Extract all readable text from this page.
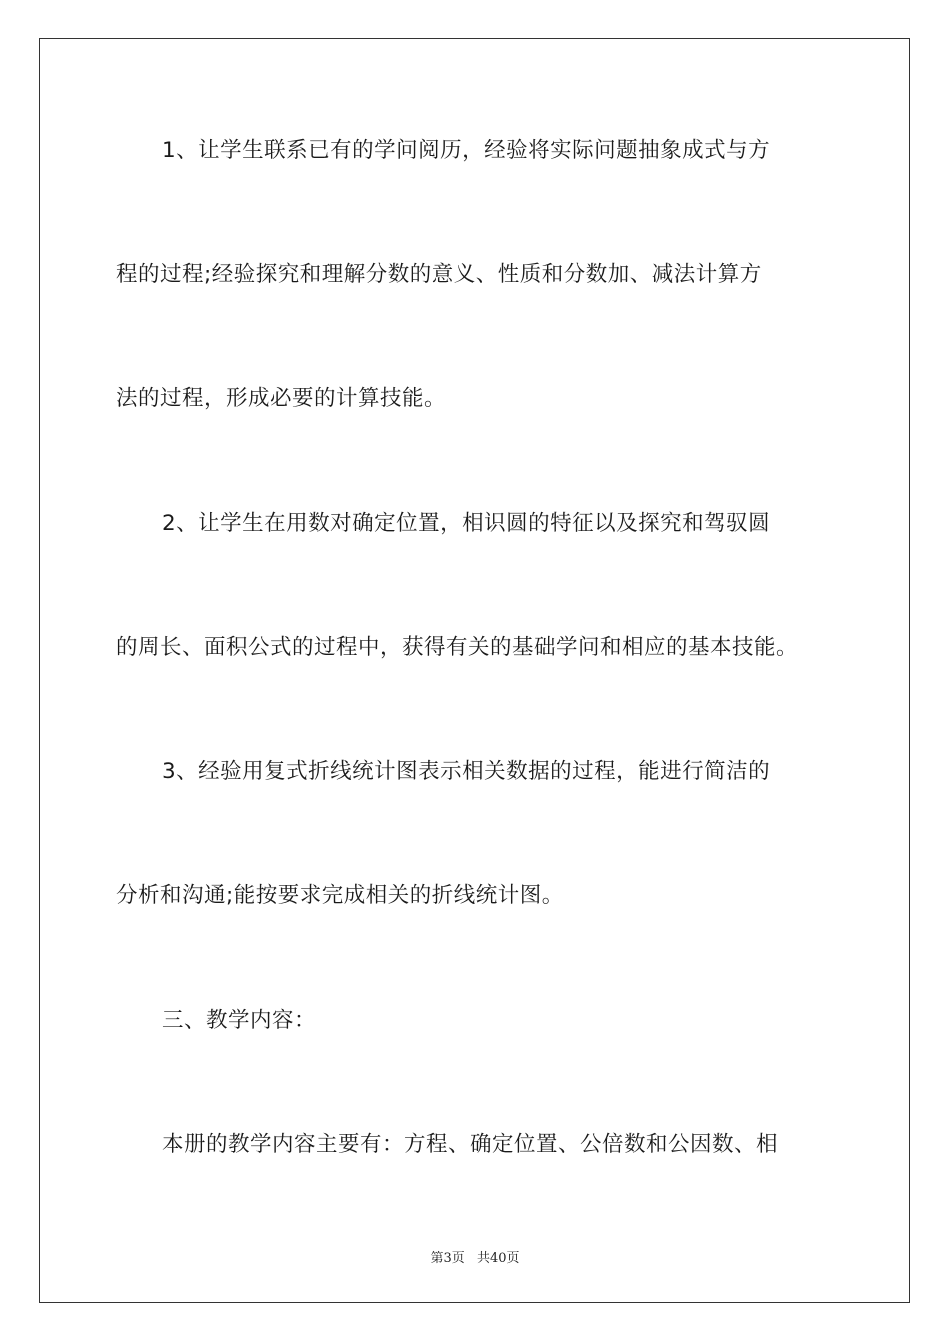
1、让学生联系已有的学问阅历，经验将实际问题抽象成式与方
程的过程;经验探究和理解分数的意义、性质和分数加、减法计算方
法的过程，形成必要的计算技能。
2、让学生在用数对确定位置，相识圆的特征以及探究和驾驭圆
的周长、面积公式的过程中，获得有关的基础学问和相应的基本技能。
3、经验用复式折线统计图表示相关数据的过程，能进行简洁的
分析和沟通;能按要求完成相关的折线统计图。
三、教学内容：
本册的教学内容主要有：方程、确定位置、公倍数和公因数、相
第3页 共40页
